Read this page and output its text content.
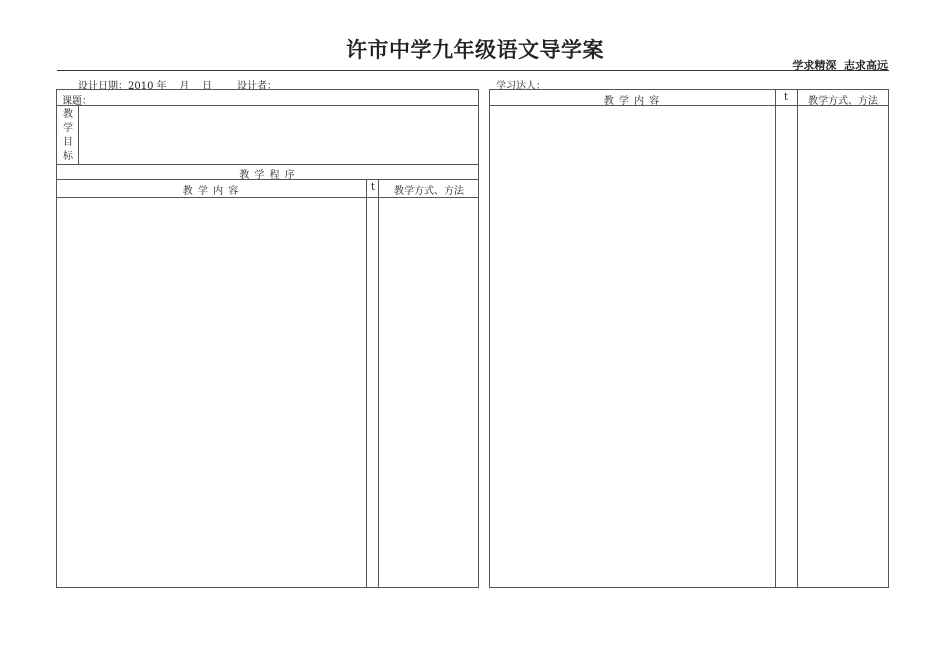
许市中学九年级语文导学案
学求精深  志求高远
设计日期：2010 年    月    日 设计者：	学习达人：
课题：
教
学
目
标
教 学 程 序
教 学 内 容	t	教学方式、方法
教 学 内 容	t	教学方式、方法
